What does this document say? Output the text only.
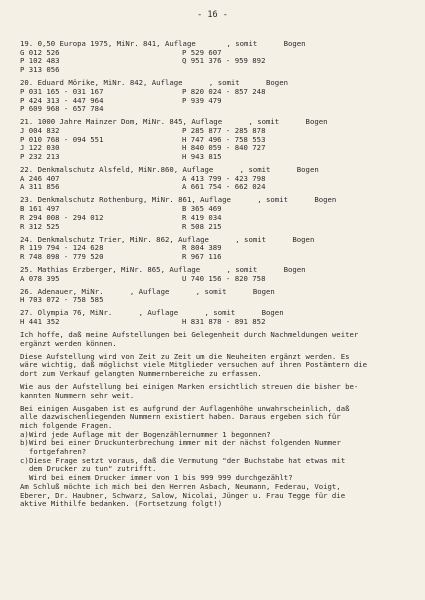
- 16 -
19. 0,50 Europa 1975, MiNr. 841, Auflage       , somit      Bogen
G 012 526	P 529 607
P 102 483	Q 951 376 - 959 892
P 313 056
20. Eduard Mörike, MiNr. 842, Auflage      , somit      Bogen
P 031 165 - 031 167	P 820 024 - 857 248
P 424 313 - 447 964	P 939 479
P 609 968 - 657 784
21. 1000 Jahre Mainzer Dom, MiNr. 845, Auflage      , somit      Bogen
J 004 832	P 285 877 - 285 878
P 010 768 - 094 551	H 747 496 - 758 553
J 122 030	H 840 059 - 840 727
P 232 213	H 943 815
22. Denkmalschutz Alsfeld, MiNr.860, Auflage      , somit      Bogen
A 246 407	A 413 799 - 423 798
A 311 856	A 661 754 - 662 024
23. Denkmalschutz Rothenburg, MiNr. 861, Auflage      , somit      Bogen
B 161 497	B 365 469
R 294 008 - 294 012	R 419 034
R 312 525	R 508 215
24. Denkmalschutz Trier, MiNr. 862, Auflage      , somit      Bogen
R 119 794 - 124 628	R 804 389
R 748 098 - 779 520	R 967 116
25. Mathias Erzberger, MiNr. 865, Auflage      , somit      Bogen
A 078 395	U 740 156 - 820 758
26. Adenauer, MiNr.      , Auflage      , somit      Bogen
H 703 072 - 758 585
27. Olympia 76, MiNr.      , Auflage      , somit      Bogen
H 441 352	H 831 878 - 891 852
Ich hoffe, daß meine Aufstellungen bei Gelegenheit durch Nachmeldungen weiter
ergänzt werden können.
Diese Aufstellung wird von Zeit zu Zeit um die Neuheiten ergänzt werden. Es
wäre wichtig, daß möglichst viele Mitglieder versuchen auf ihren Postämtern die
dort zum Verkauf gelangten Nummernbereiche zu erfassen.
Wie aus der Aufstellung bei einigen Marken ersichtlich streuen die bisher be-
kannten Nummern sehr weit.
Bei einigen Ausgaben ist es aufgrund der Auflagenhöhe unwahrscheinlich, daß
alle dazwischenliegenden Nummern existiert haben. Daraus ergeben sich für
mich folgende Fragen.
a) Wird jede Auflage mit der Bogenzählernummer 1 begonnen?
b) Wird bei einer Druckunterbrechung immer mit der nächst folgenden Nummer
fortgefahren?
c) Diese Frage setzt voraus, daß die Vermutung "der Buchstabe hat etwas mit
dem Drucker zu tun" zutrifft.
Wird bei einem Drucker immer von 1 bis 999 999 durchgezählt?
Am Schluß möchte ich mich bei den Herren Asbach, Neumann, Federau, Voigt,
Eberer, Dr. Haubner, Schwarz, Salow, Nicolai, Jünger u. Frau Tegge für die
aktive Mithilfe bedanken. (Fortsetzung folgt!)
